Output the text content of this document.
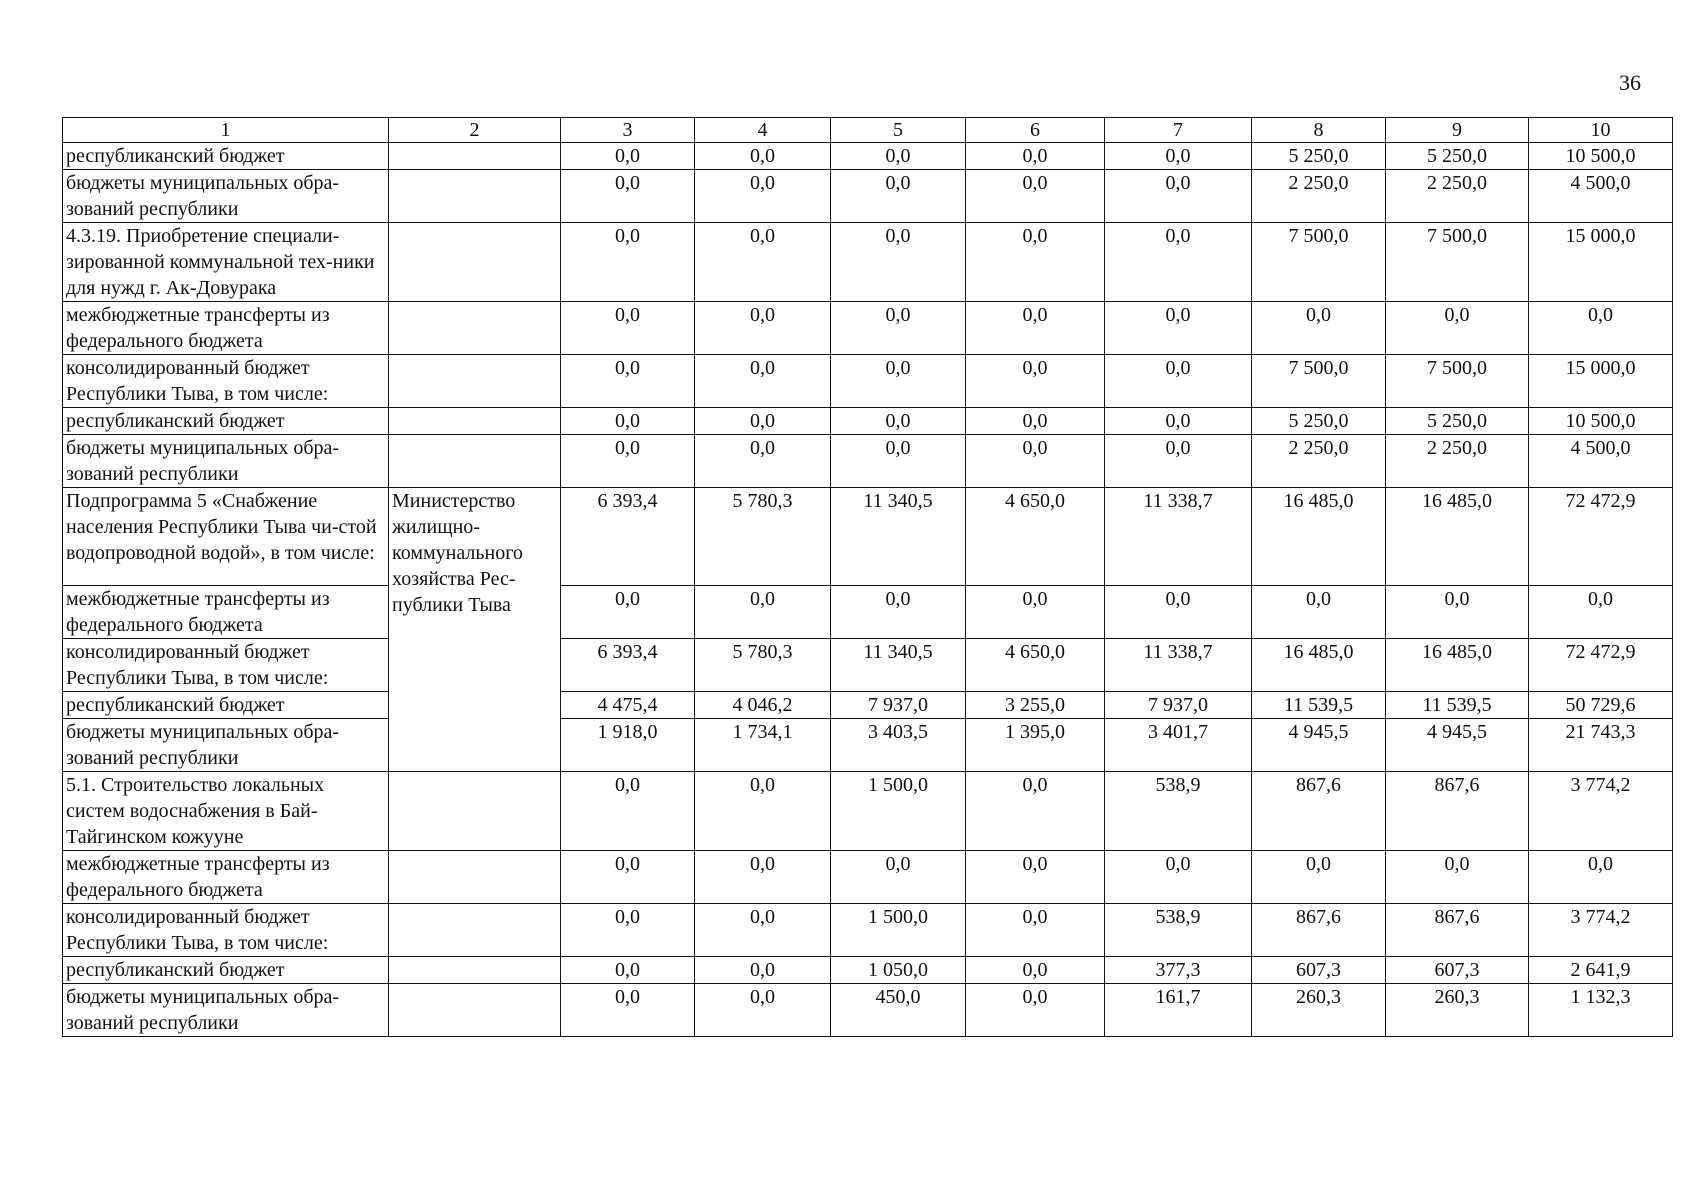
36
1	2	3	4	5	6	7	8	9	10
республиканский бюджет		0,0	0,0	0,0	0,0	0,0	5 250,0	5 250,0	10 500,0
бюджеты муниципальных обра-зований республики		0,0	0,0	0,0	0,0	0,0	2 250,0	2 250,0	4 500,0
4.3.19. Приобретение специали-зированной коммунальной тех-ники для нужд г. Ак-Довурака		0,0	0,0	0,0	0,0	0,0	7 500,0	7 500,0	15 000,0
межбюджетные трансферты из федерального бюджета		0,0	0,0	0,0	0,0	0,0	0,0	0,0	0,0
консолидированный бюджет Республики Тыва, в том числе:		0,0	0,0	0,0	0,0	0,0	7 500,0	7 500,0	15 000,0
республиканский бюджет		0,0	0,0	0,0	0,0	0,0	5 250,0	5 250,0	10 500,0
бюджеты муниципальных обра-зований республики		0,0	0,0	0,0	0,0	0,0	2 250,0	2 250,0	4 500,0
Подпрограмма 5 «Снабжение населения Республики Тыва чи-стой водопроводной водой», в том числе:	Министерство жилищно-коммунального хозяйства Рес-публики Тыва	6 393,4	5 780,3	11 340,5	4 650,0	11 338,7	16 485,0	16 485,0	72 472,9
межбюджетные трансферты из федерального бюджета		0,0	0,0	0,0	0,0	0,0	0,0	0,0	0,0
консолидированный бюджет Республики Тыва, в том числе:		6 393,4	5 780,3	11 340,5	4 650,0	11 338,7	16 485,0	16 485,0	72 472,9
республиканский бюджет		4 475,4	4 046,2	7 937,0	3 255,0	7 937,0	11 539,5	11 539,5	50 729,6
бюджеты муниципальных обра-зований республики		1 918,0	1 734,1	3 403,5	1 395,0	3 401,7	4 945,5	4 945,5	21 743,3
5.1. Строительство локальных систем водоснабжения в Бай-Тайгинском кожууне		0,0	0,0	1 500,0	0,0	538,9	867,6	867,6	3 774,2
межбюджетные трансферты из федерального бюджета		0,0	0,0	0,0	0,0	0,0	0,0	0,0	0,0
консолидированный бюджет Республики Тыва, в том числе:		0,0	0,0	1 500,0	0,0	538,9	867,6	867,6	3 774,2
республиканский бюджет		0,0	0,0	1 050,0	0,0	377,3	607,3	607,3	2 641,9
бюджеты муниципальных обра-зований республики		0,0	0,0	450,0	0,0	161,7	260,3	260,3	1 132,3
